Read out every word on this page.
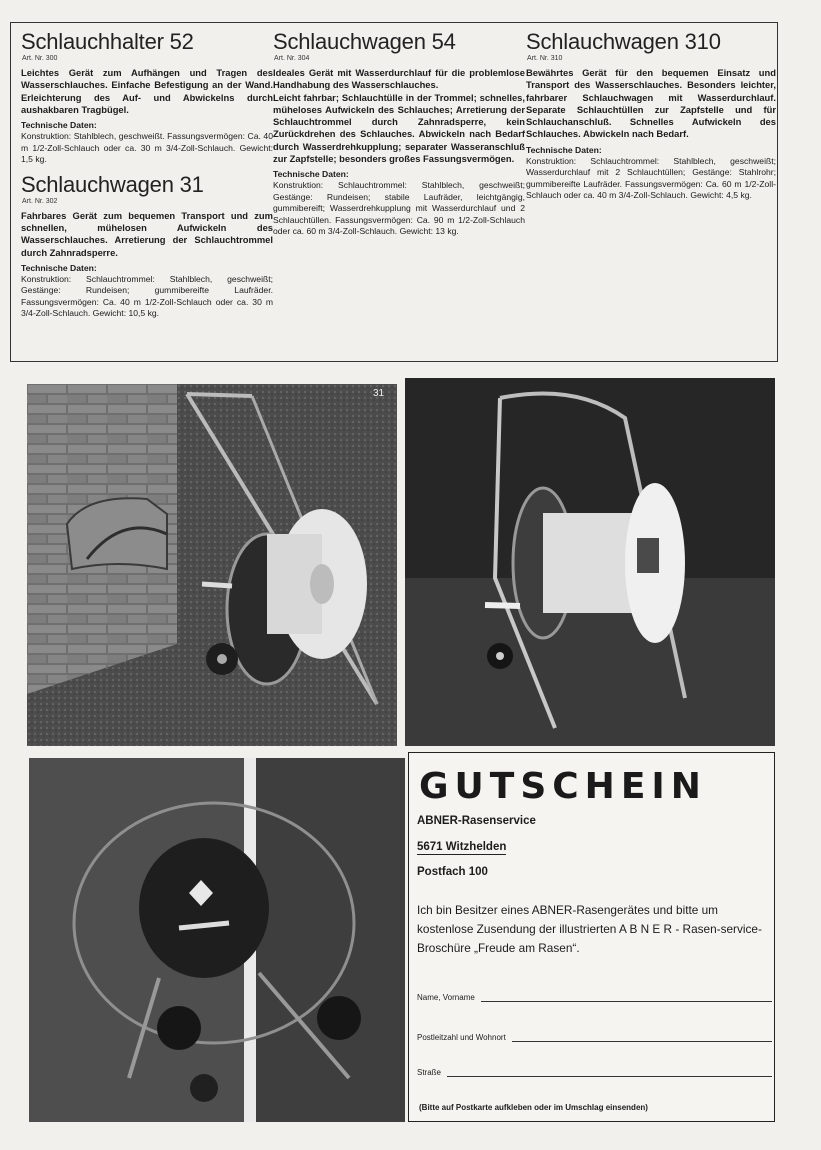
Schlauchhalter 52

Art. Nr. 300

Leichtes Gerät zum Aufhängen und Tragen des Wasserschlauches. Einfache Befestigung an der Wand. Erleichterung des Auf- und Abwickelns durch aushakbaren Tragbügel.

Technische Daten:

Konstruktion: Stahlblech, geschweißt. Fassungsvermögen: Ca. 40 m 1/2-Zoll-Schlauch oder ca. 30 m 3/4-Zoll-Schlauch. Gewicht: 1,5 kg.

Schlauchwagen 31

Art. Nr. 302

Fahrbares Gerät zum bequemen Transport und zum schnellen, mühelosen Aufwickeln des Wasserschlauches. Arretierung der Schlauchtrommel durch Zahnradsperre.

Technische Daten:

Konstruktion: Schlauchtrommel: Stahlblech, geschweißt; Gestänge: Rundeisen; gummibereifte Laufräder. Fassungsvermögen: Ca. 40 m 1/2-Zoll-Schlauch oder ca. 30 m 3/4-Zoll-Schlauch. Gewicht: 10,5 kg.

Schlauchwagen 54

Art. Nr. 304

Ideales Gerät mit Wasserdurchlauf für die problemlose Handhabung des Wasserschlauches.

Leicht fahrbar; Schlauchtülle in der Trommel; schnelles, müheloses Aufwickeln des Schlauches; Arretierung der Schlauchtrommel durch Zahnradsperre, kein Zurückdrehen des Schlauches. Abwickeln nach Bedarf durch Wasserdrehkupplung; separater Wasseranschluß zur Zapfstelle; besonders großes Fassungsvermögen.

Technische Daten:

Konstruktion: Schlauchtrommel: Stahlblech, geschweißt; Gestänge: Rundeisen; stabile Laufräder, leichtgängig, gummibereift; Wasserdrehkupplung mit Wasserdurchlauf und 2 Schlauchtüllen. Fassungsvermögen: Ca. 90 m 1/2-Zoll-Schlauch oder ca. 60 m 3/4-Zoll-Schlauch. Gewicht: 13 kg.

Schlauchwagen 310

Art. Nr. 310

Bewährtes Gerät für den bequemen Einsatz und Transport des Wasserschlauches. Besonders leichter, fahrbarer Schlauchwagen mit Wasserdurchlauf. Separate Schlauchtüllen zur Zapfstelle und für Schlauchanschluß. Schnelles Aufwickeln des Schlauches. Abwickeln nach Bedarf.

Technische Daten:

Konstruktion: Schlauchtrommel: Stahlblech, geschweißt; Wasserdurchlauf mit 2 Schlauchtüllen; Gestänge: Stahlrohr; gummibereifte Laufräder. Fassungsvermögen: Ca. 60 m 1/2-Zoll-Schlauch oder ca. 40 m 3/4-Zoll-Schlauch. Gewicht: 4,5 kg.

31
GUTSCHEIN
ABNER-Rasenservice
5671 Witzhelden
Postfach 100
Ich bin Besitzer eines ABNER-Rasengerätes und bitte um kostenlose Zusendung der illustrierten A B N E R - Rasen-service-Broschüre „Freude am Rasen“.
Name, Vorname
Postleitzahl und Wohnort
Straße
(Bitte auf Postkarte aufkleben oder im Umschlag einsenden)
